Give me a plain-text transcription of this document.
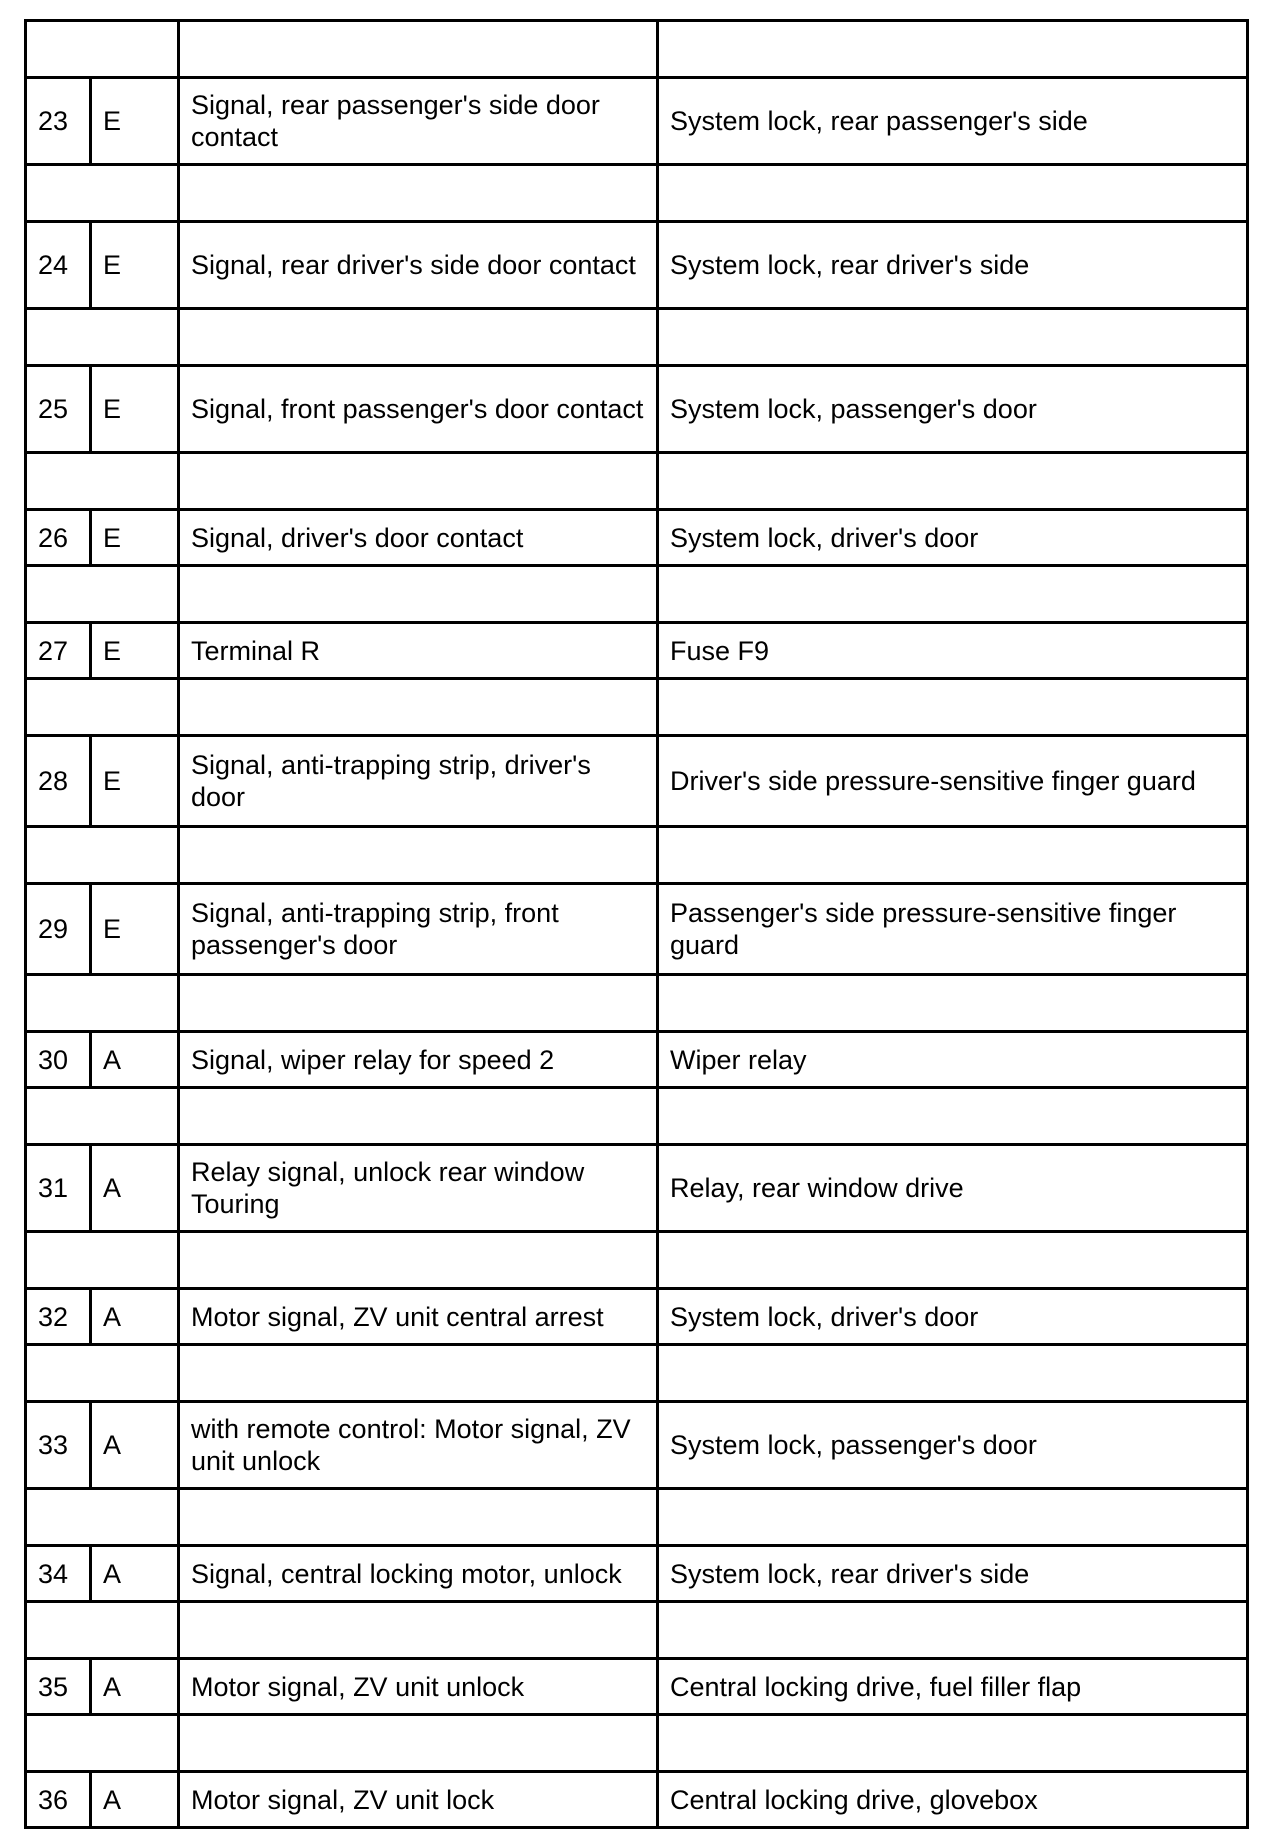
23	E	Signal, rear passenger's side door contact	System lock, rear passenger's side

24	E	Signal, rear driver's side door contact	System lock, rear driver's side

25	E	Signal, front passenger's door contact	System lock, passenger's door

26	E	Signal, driver's door contact	System lock, driver's door

27	E	Terminal R	Fuse F9

28	E	Signal, anti-trapping strip, driver's door	Driver's side pressure-sensitive finger guard

29	E	Signal, anti-trapping strip, front passenger's door	Passenger's side pressure-sensitive finger guard

30	A	Signal, wiper relay for speed 2	Wiper relay

31	A	Relay signal, unlock rear window Touring	Relay, rear window drive

32	A	Motor signal, ZV unit central arrest	System lock, driver's door

33	A	with remote control: Motor signal, ZV unit unlock	System lock, passenger's door

34	A	Signal, central locking motor, unlock	System lock, rear driver's side

35	A	Motor signal, ZV unit unlock	Central locking drive, fuel filler flap

36	A	Motor signal, ZV unit lock	Central locking drive, glovebox
